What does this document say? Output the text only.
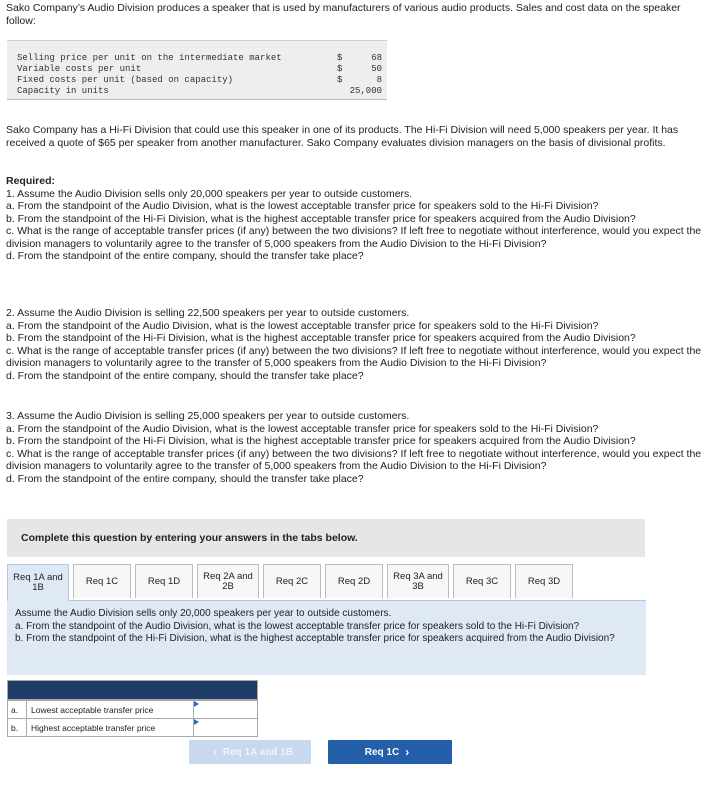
Sako Company’s Audio Division produces a speaker that is used by manufacturers of various audio products. Sales and cost data on the speaker follow:

Selling price per unit on the intermediate market	$	68
Variable costs per unit	$	50
Fixed costs per unit (based on capacity)	$	8
Capacity in units	25,000

Sako Company has a Hi-Fi Division that could use this speaker in one of its products. The Hi-Fi Division will need 5,000 speakers per year. It has received a quote of $65 per speaker from another manufacturer. Sako Company evaluates division managers on the basis of divisional profits.

Required:

1. Assume the Audio Division sells only 20,000 speakers per year to outside customers.

a. From the standpoint of the Audio Division, what is the lowest acceptable transfer price for speakers sold to the Hi-Fi Division?

b. From the standpoint of the Hi-Fi Division, what is the highest acceptable transfer price for speakers acquired from the Audio Division?

c. What is the range of acceptable transfer prices (if any) between the two divisions? If left free to negotiate without interference, would you expect the division managers to voluntarily agree to the transfer of 5,000 speakers from the Audio Division to the Hi-Fi Division?

d. From the standpoint of the entire company, should the transfer take place?

2. Assume the Audio Division is selling 22,500 speakers per year to outside customers.

a. From the standpoint of the Audio Division, what is the lowest acceptable transfer price for speakers sold to the Hi-Fi Division?

b. From the standpoint of the Hi-Fi Division, what is the highest acceptable transfer price for speakers acquired from the Audio Division?

c. What is the range of acceptable transfer prices (if any) between the two divisions? If left free to negotiate without interference, would you expect the division managers to voluntarily agree to the transfer of 5,000 speakers from the Audio Division to the Hi-Fi Division?

d. From the standpoint of the entire company, should the transfer take place?

3. Assume the Audio Division is selling 25,000 speakers per year to outside customers.

a. From the standpoint of the Audio Division, what is the lowest acceptable transfer price for speakers sold to the Hi-Fi Division?

b. From the standpoint of the Hi-Fi Division, what is the highest acceptable transfer price for speakers acquired from the Audio Division?

c. What is the range of acceptable transfer prices (if any) between the two divisions? If left free to negotiate without interference, would you expect the division managers to voluntarily agree to the transfer of 5,000 speakers from the Audio Division to the Hi-Fi Division?

d. From the standpoint of the entire company, should the transfer take place?

Complete this question by entering your answers in the tabs below.
Req 1A and
1B
Req 1C	Req 1D Req 2A and
2B	Req 2C	Req 2D Req 3A and
3B	Req 3C	Req 3D

Assume the Audio Division sells only 20,000 speakers per year to outside customers.

a. From the standpoint of the Audio Division, what is the lowest acceptable transfer price for speakers sold to the Hi-Fi Division?

b. From the standpoint of the Hi-Fi Division, what is the highest acceptable transfer price for speakers acquired from the Audio Division?

a.	Lowest acceptable transfer price
b.	Highest acceptable transfer price
‹ Req 1A and 1B	Req 1C ›
